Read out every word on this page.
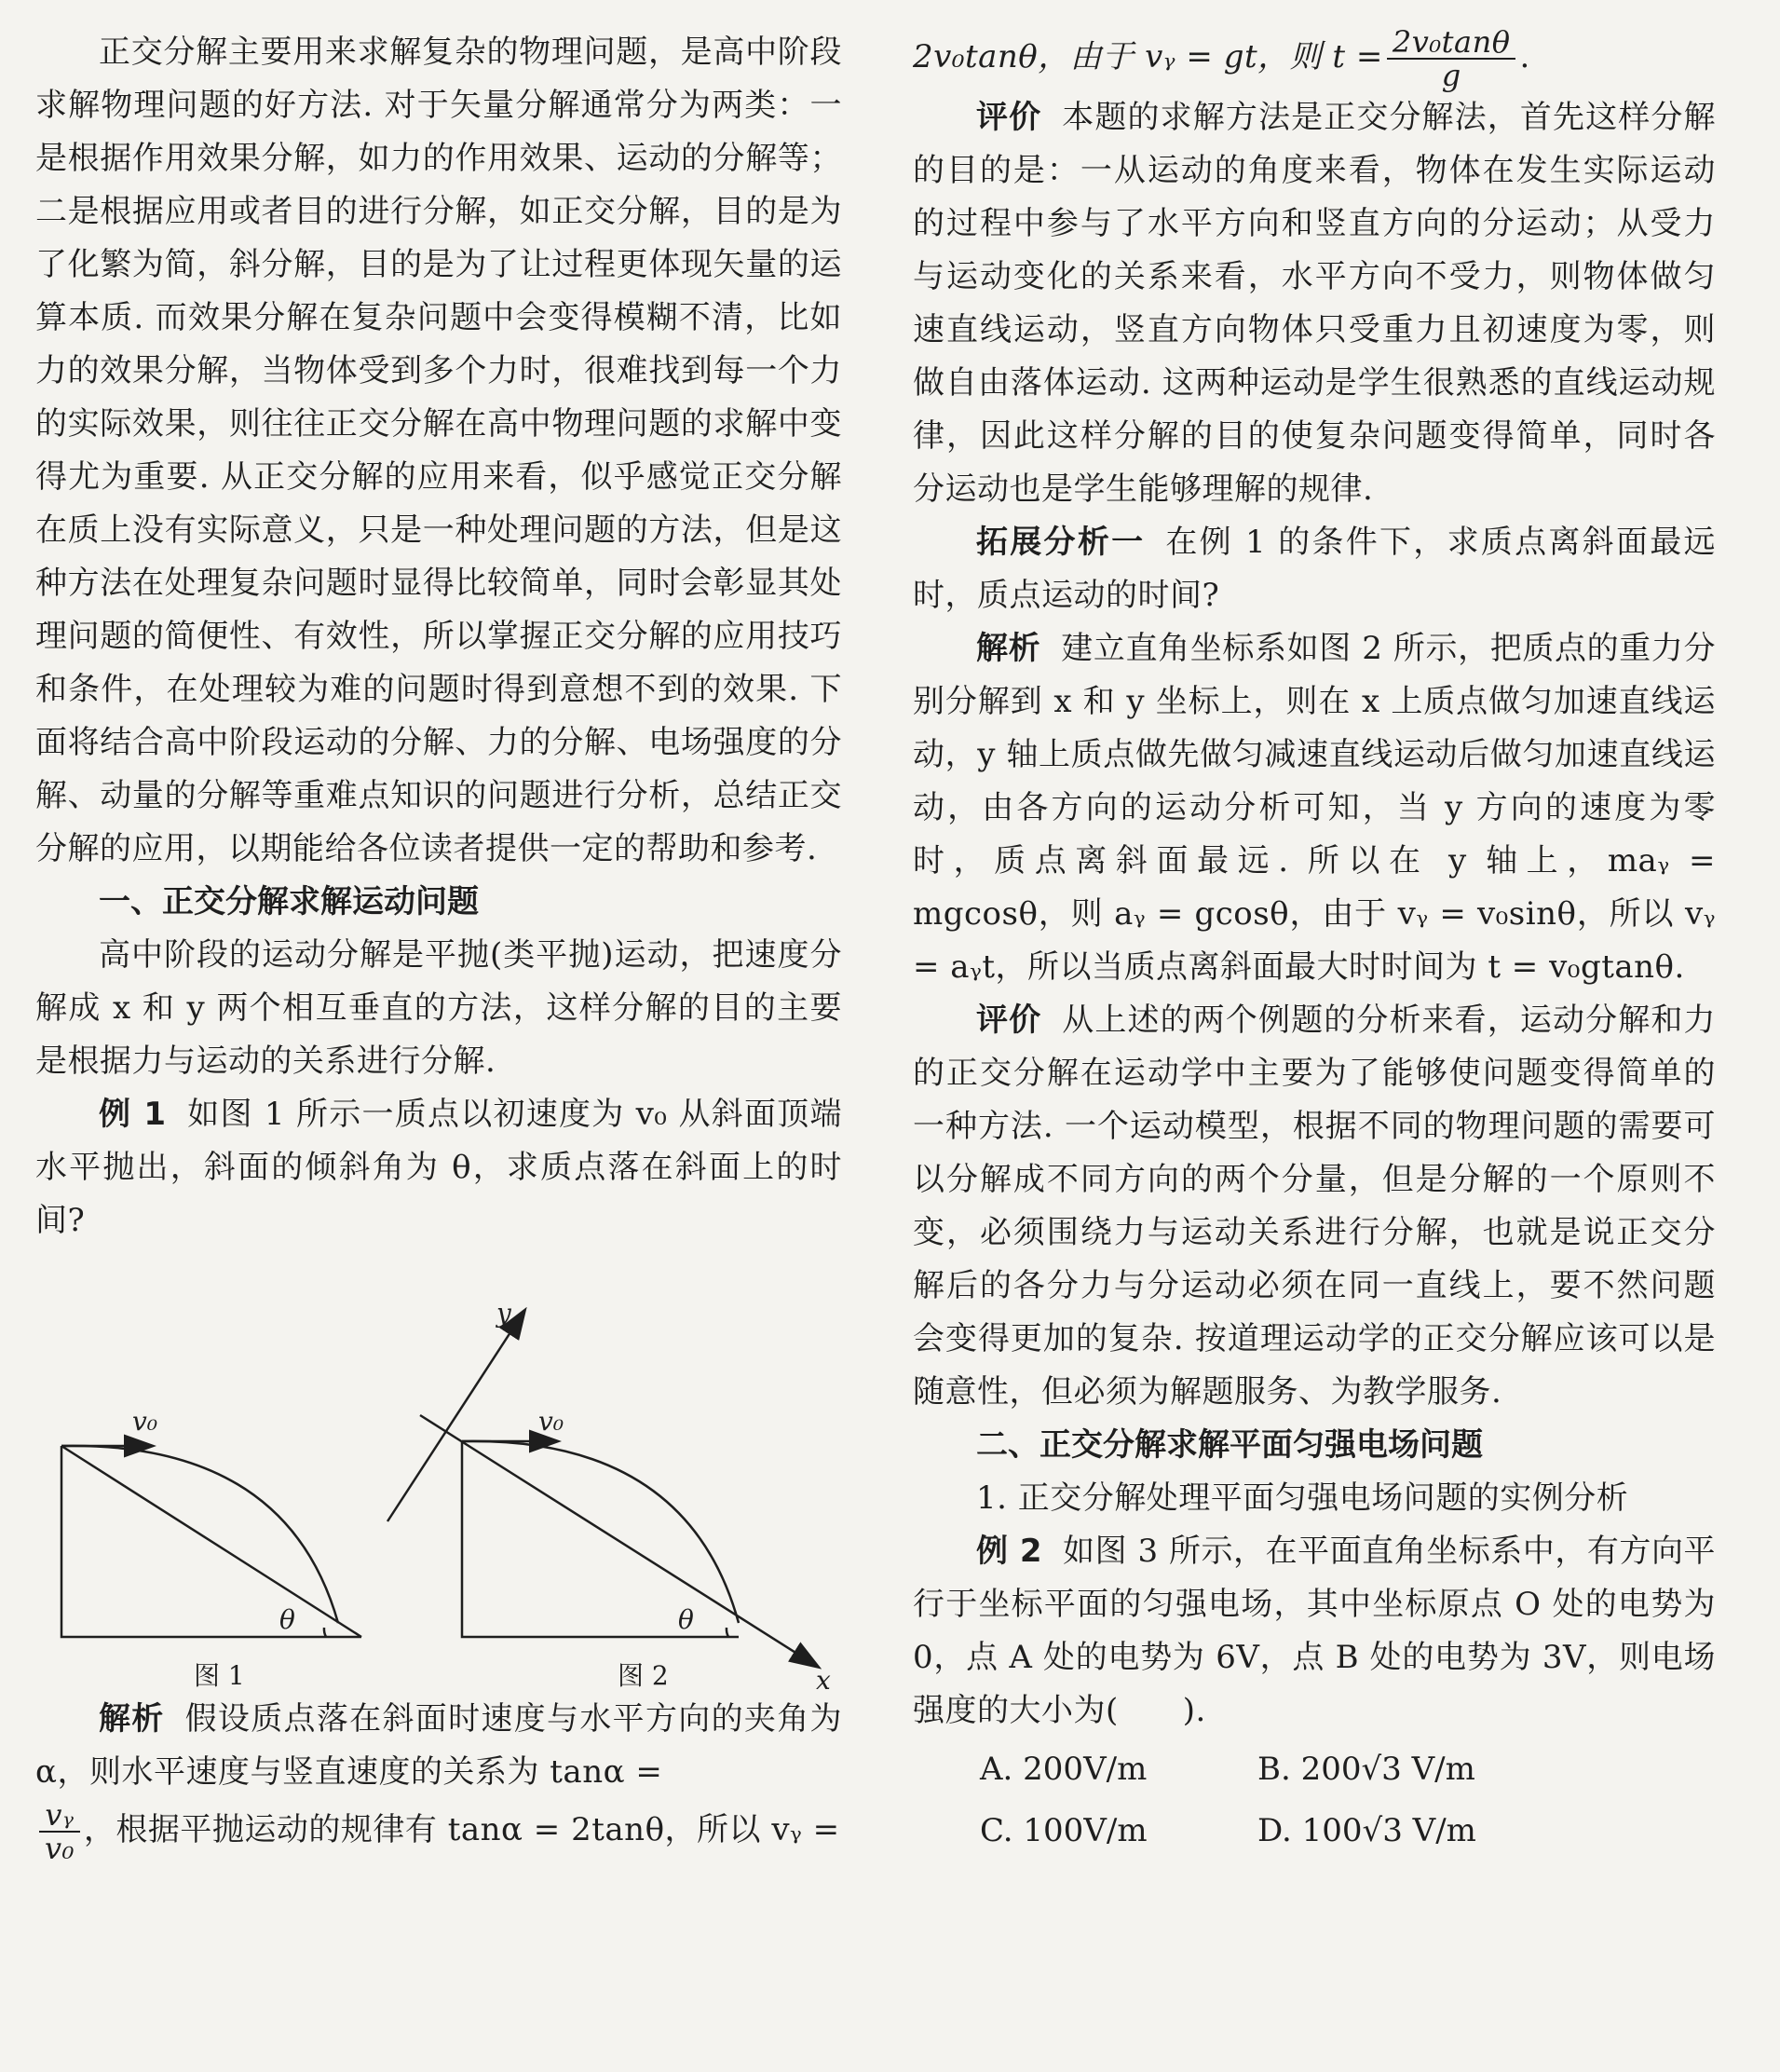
正交分解主要用来求解复杂的物理问题，是高中阶段求解物理问题的好方法. 对于矢量分解通常分为两类：一是根据作用效果分解，如力的作用效果、运动的分解等；二是根据应用或者目的进行分解，如正交分解，目的是为了化繁为简，斜分解，目的是为了让过程更体现矢量的运算本质. 而效果分解在复杂问题中会变得模糊不清，比如力的效果分解，当物体受到多个力时，很难找到每一个力的实际效果，则往往正交分解在高中物理问题的求解中变得尤为重要. 从正交分解的应用来看，似乎感觉正交分解在质上没有实际意义，只是一种处理问题的方法，但是这种方法在处理复杂问题时显得比较简单，同时会彰显其处理问题的简便性、有效性，所以掌握正交分解的应用技巧和条件，在处理较为难的问题时得到意想不到的效果. 下面将结合高中阶段运动的分解、力的分解、电场强度的分解、动量的分解等重难点知识的问题进行分析，总结正交分解的应用，以期能给各位读者提供一定的帮助和参考.

一、正交分解求解运动问题

高中阶段的运动分解是平抛(类平抛)运动，把速度分解成 x 和 y 两个相互垂直的方法，这样分解的目的主要是根据力与运动的关系进行分解.

例 1 如图 1 所示一质点以初速度为 v₀ 从斜面顶端水平抛出，斜面的倾斜角为 θ，求质点落在斜面上的时间?

v₀
θ
v₀
θ
x
y
图 1	图 2

解析 假设质点落在斜面时速度与水平方向的夹角为 α，则水平速度与竖直速度的关系为 tanα =

$\frac{\text{vᵧ}}{\text{v₀}}$ ，根据平抛运动的规律有 tanα = 2tanθ，所以 vᵧ =

2v₀tanθ，由于 vᵧ = gt，则 $t = \frac{\text{2v₀tanθ}}{g}$ .

评价 本题的求解方法是正交分解法，首先这样分解的目的是：一从运动的角度来看，物体在发生实际运动的过程中参与了水平方向和竖直方向的分运动；从受力与运动变化的关系来看，水平方向不受力，则物体做匀速直线运动，竖直方向物体只受重力且初速度为零，则做自由落体运动. 这两种运动是学生很熟悉的直线运动规律，因此这样分解的目的使复杂问题变得简单，同时各分运动也是学生能够理解的规律.

拓展分析一 在例 1 的条件下，求质点离斜面最远时，质点运动的时间?

解析 建立直角坐标系如图 2 所示，把质点的重力分别分解到 x 和 y 坐标上，则在 x 上质点做匀加速直线运动，y 轴上质点做先做匀减速直线运动后做匀加速直线运动，由各方向的运动分析可知，当 y 方向的速度为零时，质点离斜面最远. 所以在 y 轴上，maᵧ = mgcosθ，则 aᵧ = gcosθ，由于 vᵧ = v₀sinθ，所以 vᵧ = aᵧt，所以当质点离斜面最大时时间为 t = v₀gtanθ.

评价 从上述的两个例题的分析来看，运动分解和力的正交分解在运动学中主要为了能够使问题变得简单的一种方法. 一个运动模型，根据不同的物理问题的需要可以分解成不同方向的两个分量，但是分解的一个原则不变，必须围绕力与运动关系进行分解，也就是说正交分解后的各分力与分运动必须在同一直线上，要不然问题会变得更加的复杂. 按道理运动学的正交分解应该可以是随意性，但必须为解题服务、为教学服务.

二、正交分解求解平面匀强电场问题

1. 正交分解处理平面匀强电场问题的实例分析

例 2 如图 3 所示，在平面直角坐标系中，有方向平行于坐标平面的匀强电场，其中坐标原点 O 处的电势为 0，点 A 处的电势为 6V，点 B 处的电势为 3V，则电场强度的大小为(　　).

A. 200V/m	B. 200√3 V/m
C. 100V/m	D. 100√3 V/m
